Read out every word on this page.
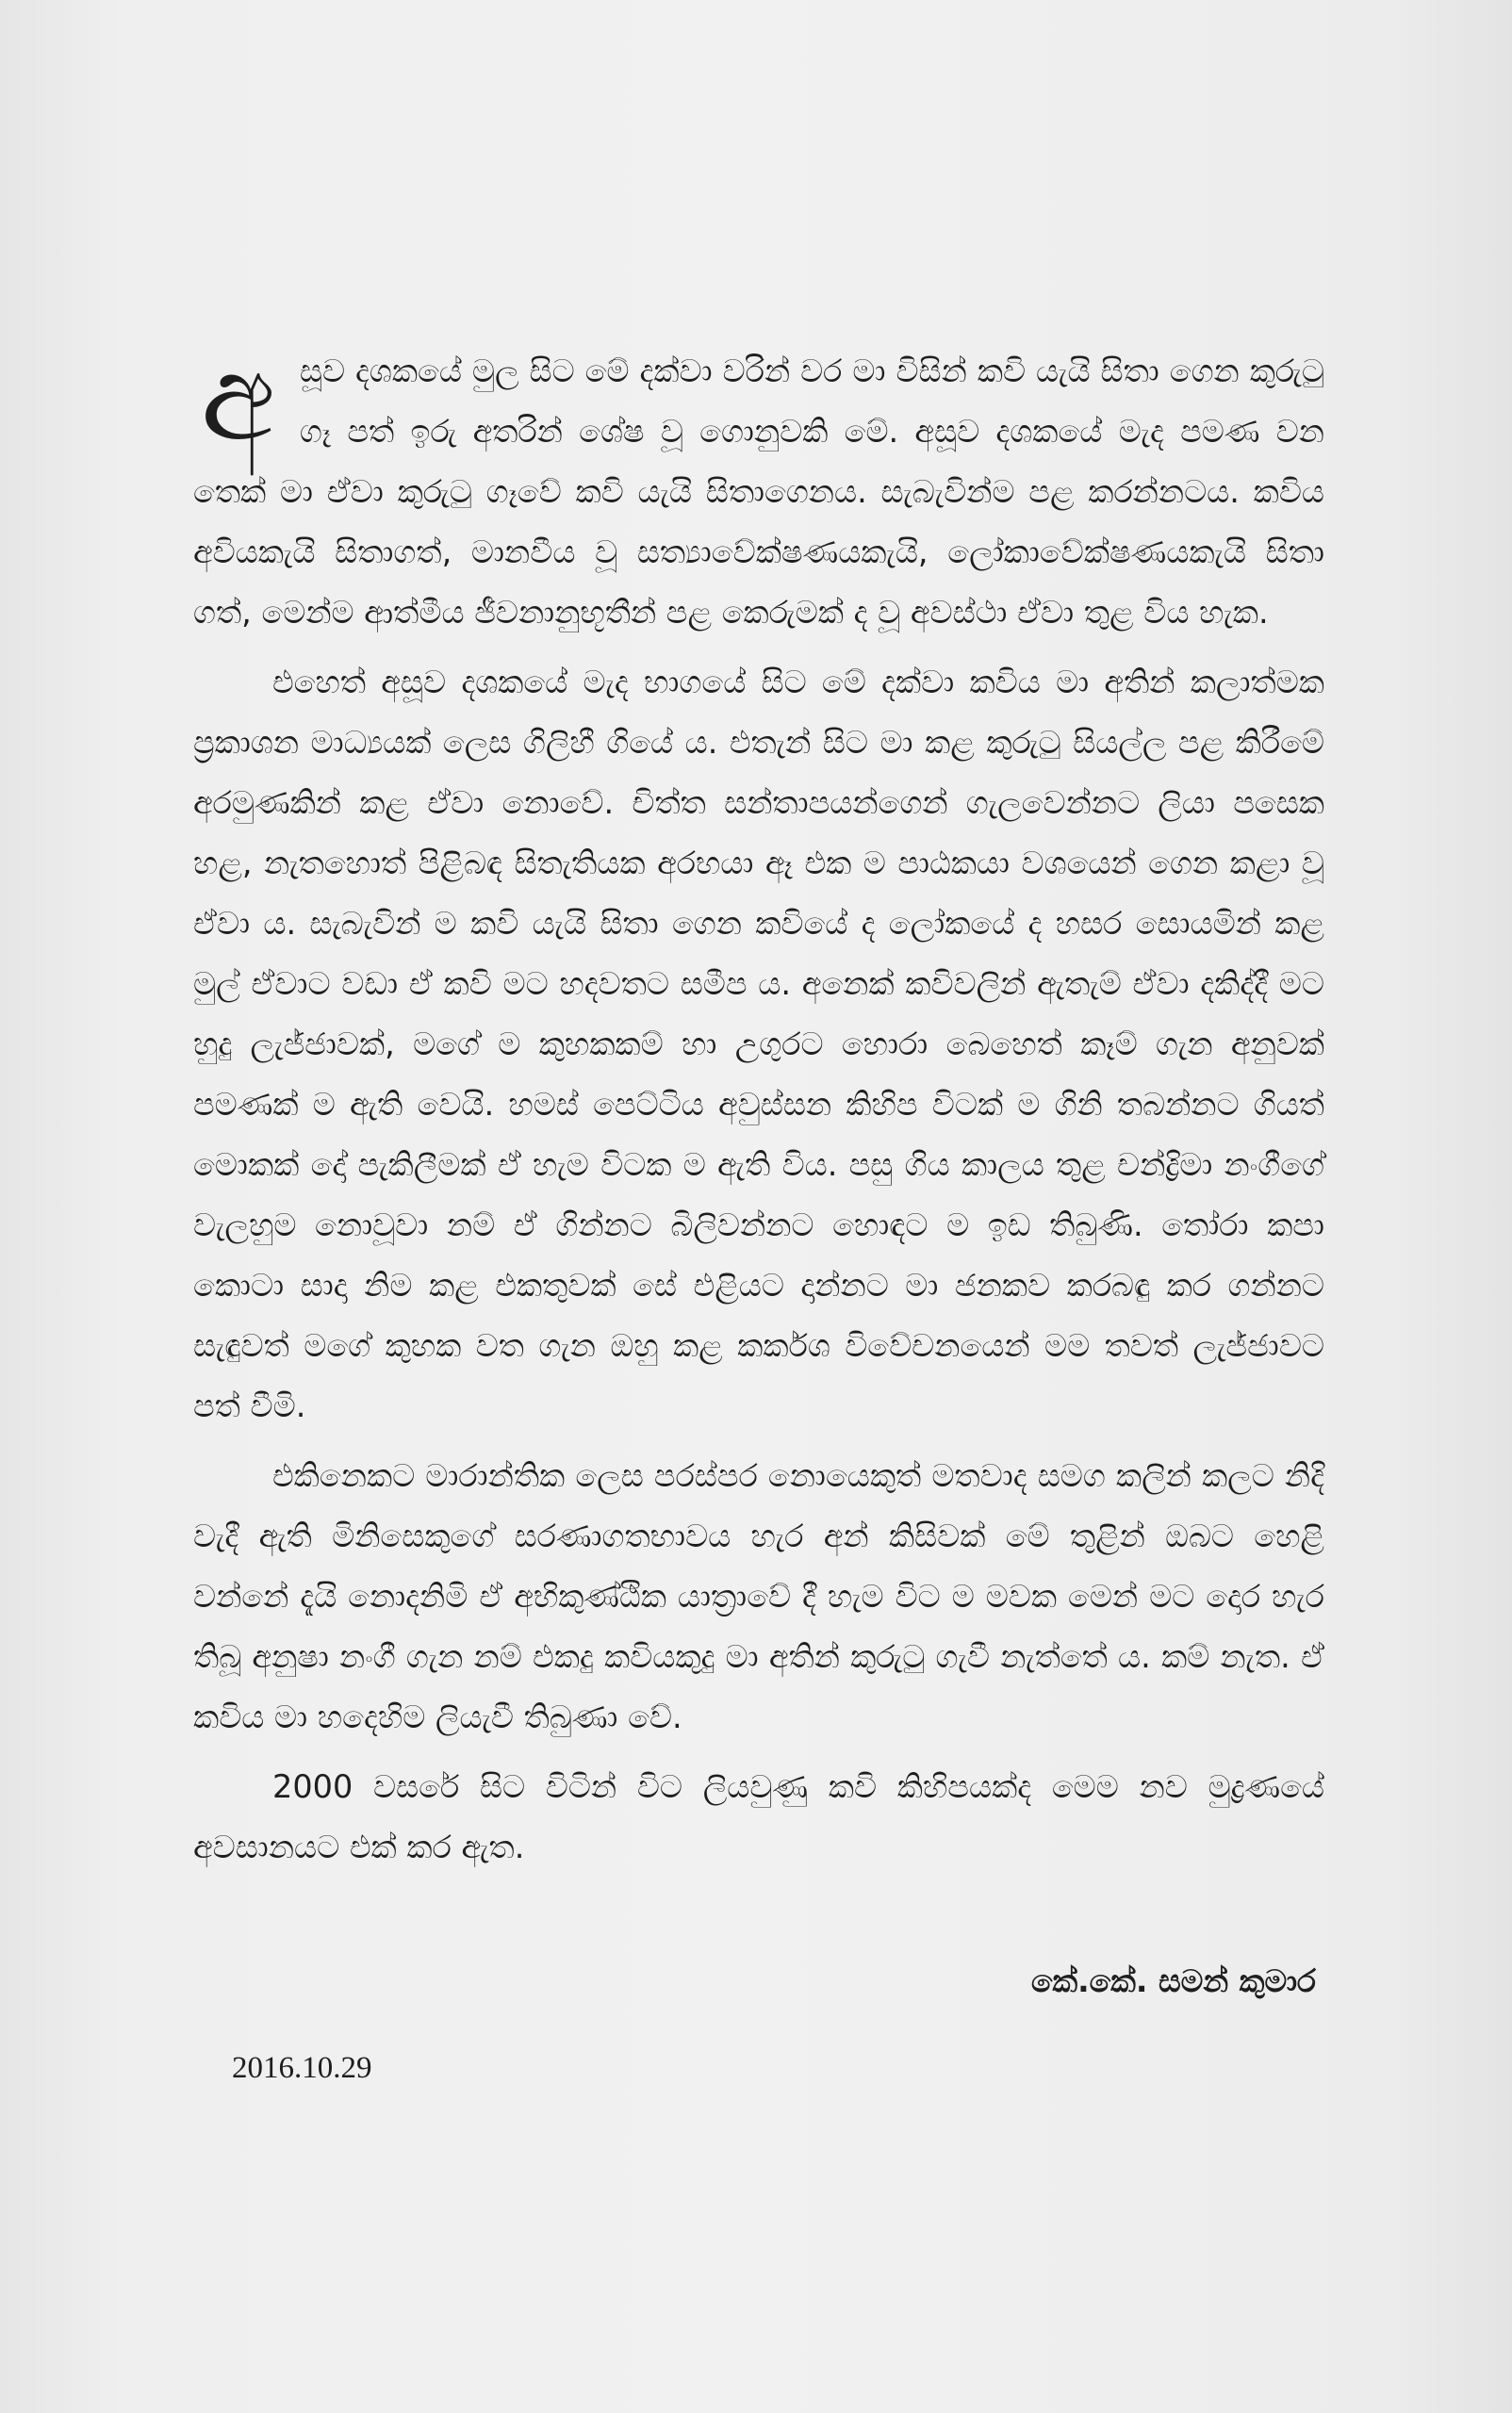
අ සූව දශකයේ මුල සිට මේ දක්වා වරින් වර මා විසින් කවි යැයි සිතා ගෙන කුරුටු ගෑ පත් ඉරු අතරින් ශේෂ වූ ගොනුවකි මේ. අසූව දශකයේ මැද පමණ වන තෙක් මා ඒවා කුරුටු ගෑවේ කවි යැයි සිතාගෙනය. සැබැවින්ම පළ කරන්නටය. කවිය අවියකැයි සිතාගත්, මානවීය වූ සත්‍යාවේක්ෂණයකැයි, ලෝකාවේක්ෂණයකැයි සිතා ගත්, මෙන්ම ආත්මීය ජීවනානුභූතීන් පළ කෙරුමක් ද වූ අවස්ථා ඒවා තුළ විය හැක.

එහෙත් අසූව දශකයේ මැද භාගයේ සිට මේ දක්වා කවිය මා අතින් කලාත්මක ප්‍රකාශන මාධ්‍යයක් ලෙස ගිලිහී ගියේ ය. එතැන් සිට මා කළ කුරුටු සියල්ල පළ කිරීමේ අරමුණකින් කළ ඒවා නොවේ. චිත්ත සන්තාපයන්ගෙන් ගැලවෙන්නට ලියා පසෙක හළ, නැතහොත් පිළිබඳ සිතැතියක අරභයා ඈ එක ම පාඨකයා වශයෙන් ගෙන කළා වූ ඒවා ය. සැබැවින් ම කවි යැයි සිතා ගෙන කවියේ ද ලෝකයේ ද හසර සොයමින් කළ මුල් ඒවාට වඩා ඒ කවි මට හදවතට සමීප ය. අනෙක් කවිවලින් ඇතැම් ඒවා දකිද්දී මට හුදු ලැජ්ජාවක්, මගේ ම කුහකකම් හා උගුරට හොරා බෙහෙත් කෑම් ගැන අනුවක් පමණක් ම ඇති වෙයි. හමස් පෙට්ටිය අවුස්සන කිහිප විටක් ම ගිනි තබන්නට ගියත් මොකක් දෝ පැකිලීමක් ඒ හැම විටක ම ඇති විය. පසු ගිය කාලය තුළ චන්ද්‍රිමා නංගීගේ වැලහුම නොවූවා නම් ඒ ගින්නට බිලිවන්නට හොඳට ම ඉඩ තිබුණි. තෝරා කපා කොටා සාදා නිම කළ එකතුවක් සේ එළියට දාන්නට මා ජනකව කරබඳු කර ගන්නට සැඳුවත් මගේ කුහක වත ගැන ඔහු කළ කර්කශ විවේචනයෙන් මම තවත් ලැජ්ජාවට පත් වීමි.

එකිනෙකට මාරාන්තික ලෙස පරස්පර නොයෙකුත් මතවාද සමග කලින් කලට නිදි වැදී ඇති මිනිසෙකුගේ සරණාගතභාවය හැර අන් කිසිවක් මේ තුළින් ඔබට හෙළි වන්නේ දැයි නොදනිමි ඒ අභිකුණ්ඨික යාත්‍රාවේ දී හැම විට ම මවක මෙන් මට දොර හැර තිබූ අනුෂා නංගී ගැන නම් එකදු කවියකුදු මා අතින් කුරුටු ගැවී නැත්තේ ය. කම් නැත. ඒ කවිය මා හදෙහිම ලියැවී තිබුණා වේ.

2000 වසරේ සිට විටින් විට ලියවුණු කවි කිහිපයක්ද මෙම නව මුද්‍රණයේ අවසානයට එක් කර ඇත.

කේ.කේ. සමන් කුමාර
2016.10.29
